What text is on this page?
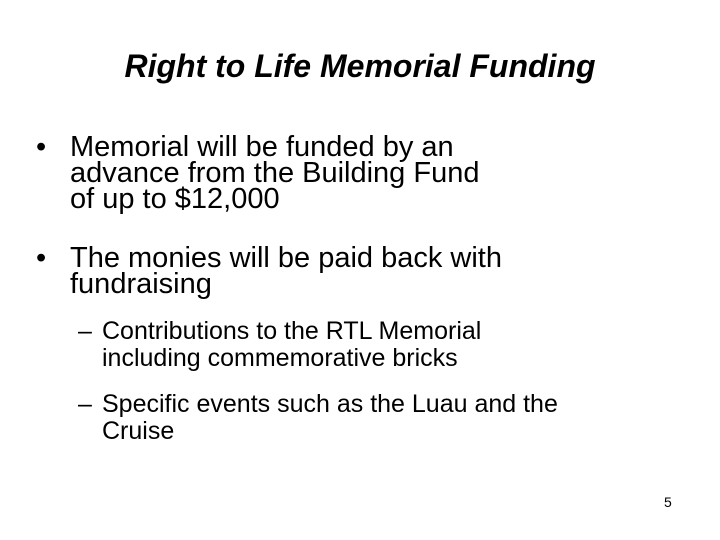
Right to Life Memorial Funding
• Memorial will be funded by an
advance from the Building Fund
of up to $12,000
• The monies will be paid back with
fundraising
– Contributions to the RTL Memorial
including commemorative bricks
– Specific events such as the Luau and the
Cruise
5
